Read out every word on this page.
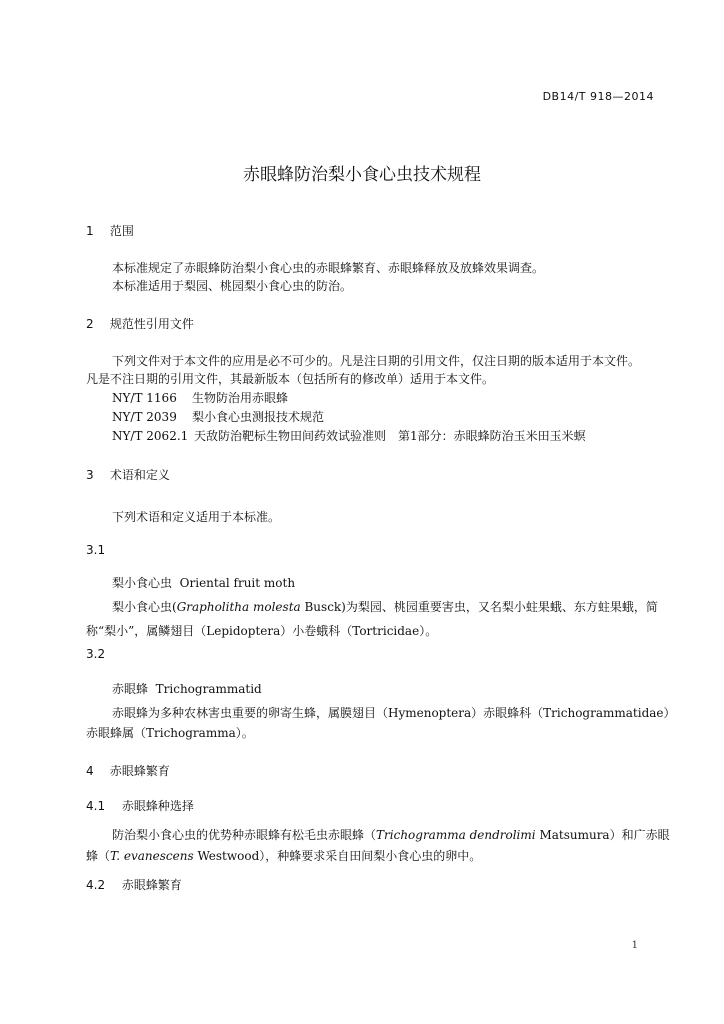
DB14/T 918—2014
赤眼蜂防治梨小食心虫技术规程
1 范围
本标准规定了赤眼蜂防治梨小食心虫的赤眼蜂繁育、赤眼蜂释放及放蜂效果调查。
本标准适用于梨园、桃园梨小食心虫的防治。
2 规范性引用文件
下列文件对于本文件的应用是必不可少的。凡是注日期的引用文件，仅注日期的版本适用于本文件。
凡是不注日期的引用文件，其最新版本（包括所有的修改单）适用于本文件。
NY/T 1166 生物防治用赤眼蜂
NY/T 2039 梨小食心虫测报技术规范
NY/T 2062.1 天敌防治靶标生物田间药效试验准则　第1部分：赤眼蜂防治玉米田玉米螟
3 术语和定义
下列术语和定义适用于本标准。
3.1
梨小食心虫 Oriental fruit moth
梨小食心虫(Grapholitha molesta Busck)为梨园、桃园重要害虫，又名梨小蛀果蛾、东方蛀果蛾，简
称“梨小”，属鳞翅目（Lepidoptera）小卷蛾科（Tortricidae）。
3.2
赤眼蜂 Trichogrammatid
赤眼蜂为多种农林害虫重要的卵寄生蜂，属膜翅目（Hymenoptera）赤眼蜂科（Trichogrammatidae）
赤眼蜂属（Trichogramma）。
4 赤眼蜂繁育
4.1 赤眼蜂种选择
防治梨小食心虫的优势种赤眼蜂有松毛虫赤眼蜂（Trichogramma dendrolimi Matsumura）和广赤眼
蜂（T. evanescens Westwood），种蜂要求采自田间梨小食心虫的卵中。
4.2 赤眼蜂繁育
1
